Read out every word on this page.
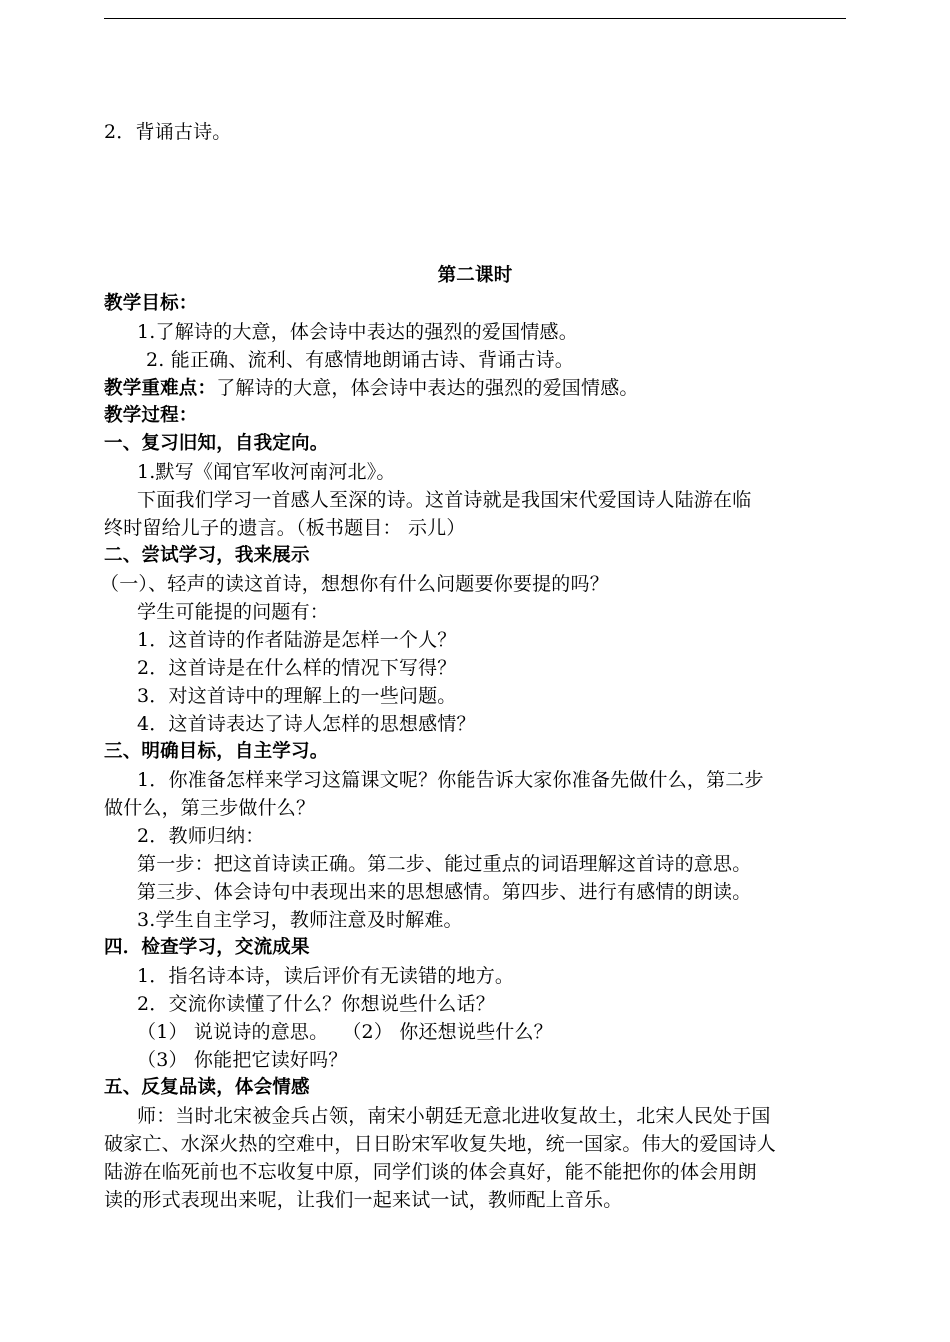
2．背诵古诗。
第二课时
教学目标：
1.了解诗的大意，体会诗中表达的强烈的爱国情感。
2. 能正确、流利、有感情地朗诵古诗、背诵古诗。
教学重难点：了解诗的大意，体会诗中表达的强烈的爱国情感。
教学过程：
一、复习旧知，自我定向。
1.默写《闻官军收河南河北》。
下面我们学习一首感人至深的诗。这首诗就是我国宋代爱国诗人陆游在临
终时留给儿子的遗言。（板书题目： 示儿）
二、尝试学习，我来展示
（一）、轻声的读这首诗，想想你有什么问题要你要提的吗？
学生可能提的问题有：
1．这首诗的作者陆游是怎样一个人？
2．这首诗是在什么样的情况下写得？
3．对这首诗中的理解上的一些问题。
4．这首诗表达了诗人怎样的思想感情？
三、明确目标，自主学习。
1．你准备怎样来学习这篇课文呢？你能告诉大家你准备先做什么，第二步
做什么，第三步做什么？
2．教师归纳：
第一步：把这首诗读正确。第二步、能过重点的词语理解这首诗的意思。
第三步、体会诗句中表现出来的思想感情。第四步、进行有感情的朗读。
3.学生自主学习，教师注意及时解难。
四．检查学习，交流成果
1．指名诗本诗，读后评价有无读错的地方。
2．交流你读懂了什么？你想说些什么话？
（1） 说说诗的意思。 （2） 你还想说些什么？
（3） 你能把它读好吗？
五、反复品读，体会情感
师：当时北宋被金兵占领，南宋小朝廷无意北进收复故土，北宋人民处于国
破家亡、水深火热的空难中，日日盼宋军收复失地，统一国家。伟大的爱国诗人
陆游在临死前也不忘收复中原，同学们谈的体会真好，能不能把你的体会用朗
读的形式表现出来呢，让我们一起来试一试，教师配上音乐。
